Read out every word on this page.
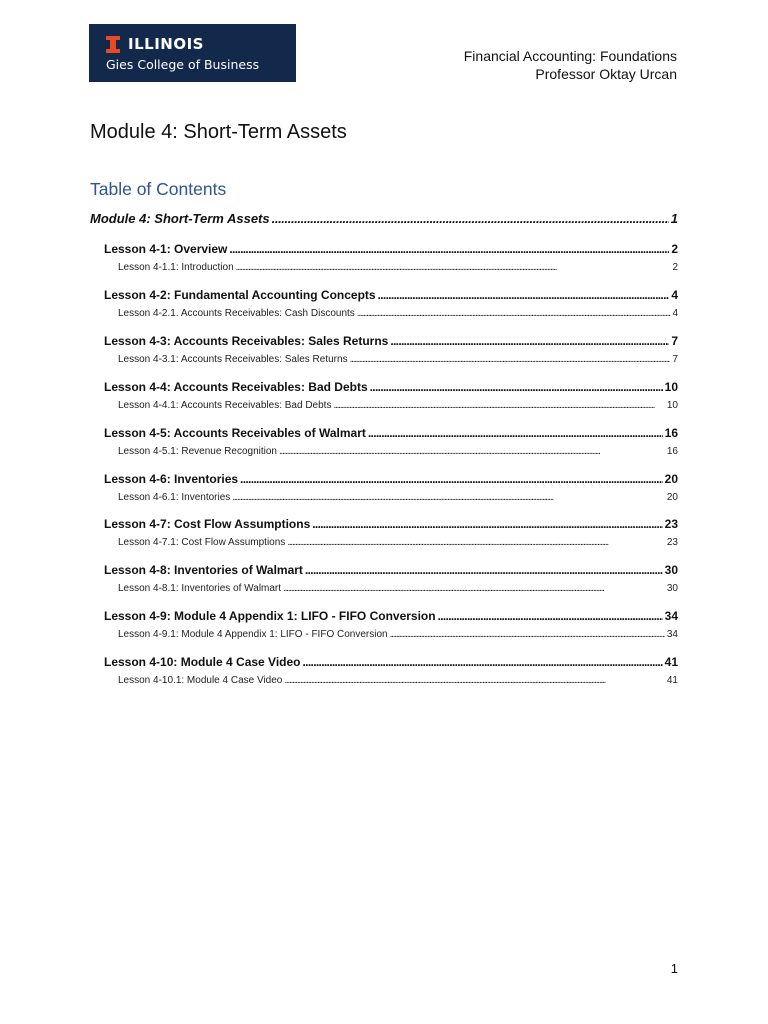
ILLINOIS
Gies College of Business
Financial Accounting: Foundations
Professor Oktay Urcan
Module 4: Short-Term Assets
Table of Contents
Module 4: Short-Term Assets . . .	1
Lesson 4-1: Overview . . .	2
Lesson 4-1.1: Introduction . . .	2
Lesson 4-2: Fundamental Accounting Concepts . . .	4
Lesson 4-2.1. Accounts Receivables: Cash Discounts . . .	4
Lesson 4-3: Accounts Receivables: Sales Returns . . .	7
Lesson 4-3.1: Accounts Receivables: Sales Returns . . .	7
Lesson 4-4: Accounts Receivables: Bad Debts . . .	10
Lesson 4-4.1: Accounts Receivables: Bad Debts . . .	10
Lesson 4-5: Accounts Receivables of Walmart . . .	16
Lesson 4-5.1: Revenue Recognition . . .	16
Lesson 4-6: Inventories . . .	20
Lesson 4-6.1: Inventories . . .	20
Lesson 4-7: Cost Flow Assumptions . . .	23
Lesson 4-7.1: Cost Flow Assumptions . . .	23
Lesson 4-8: Inventories of Walmart . . .	30
Lesson 4-8.1: Inventories of Walmart . . .	30
Lesson 4-9: Module 4 Appendix 1: LIFO - FIFO Conversion . . .	34
Lesson 4-9.1: Module 4 Appendix 1: LIFO - FIFO Conversion . . .	34
Lesson 4-10: Module 4 Case Video . . .	41
Lesson 4-10.1: Module 4 Case Video . . .	41
1
